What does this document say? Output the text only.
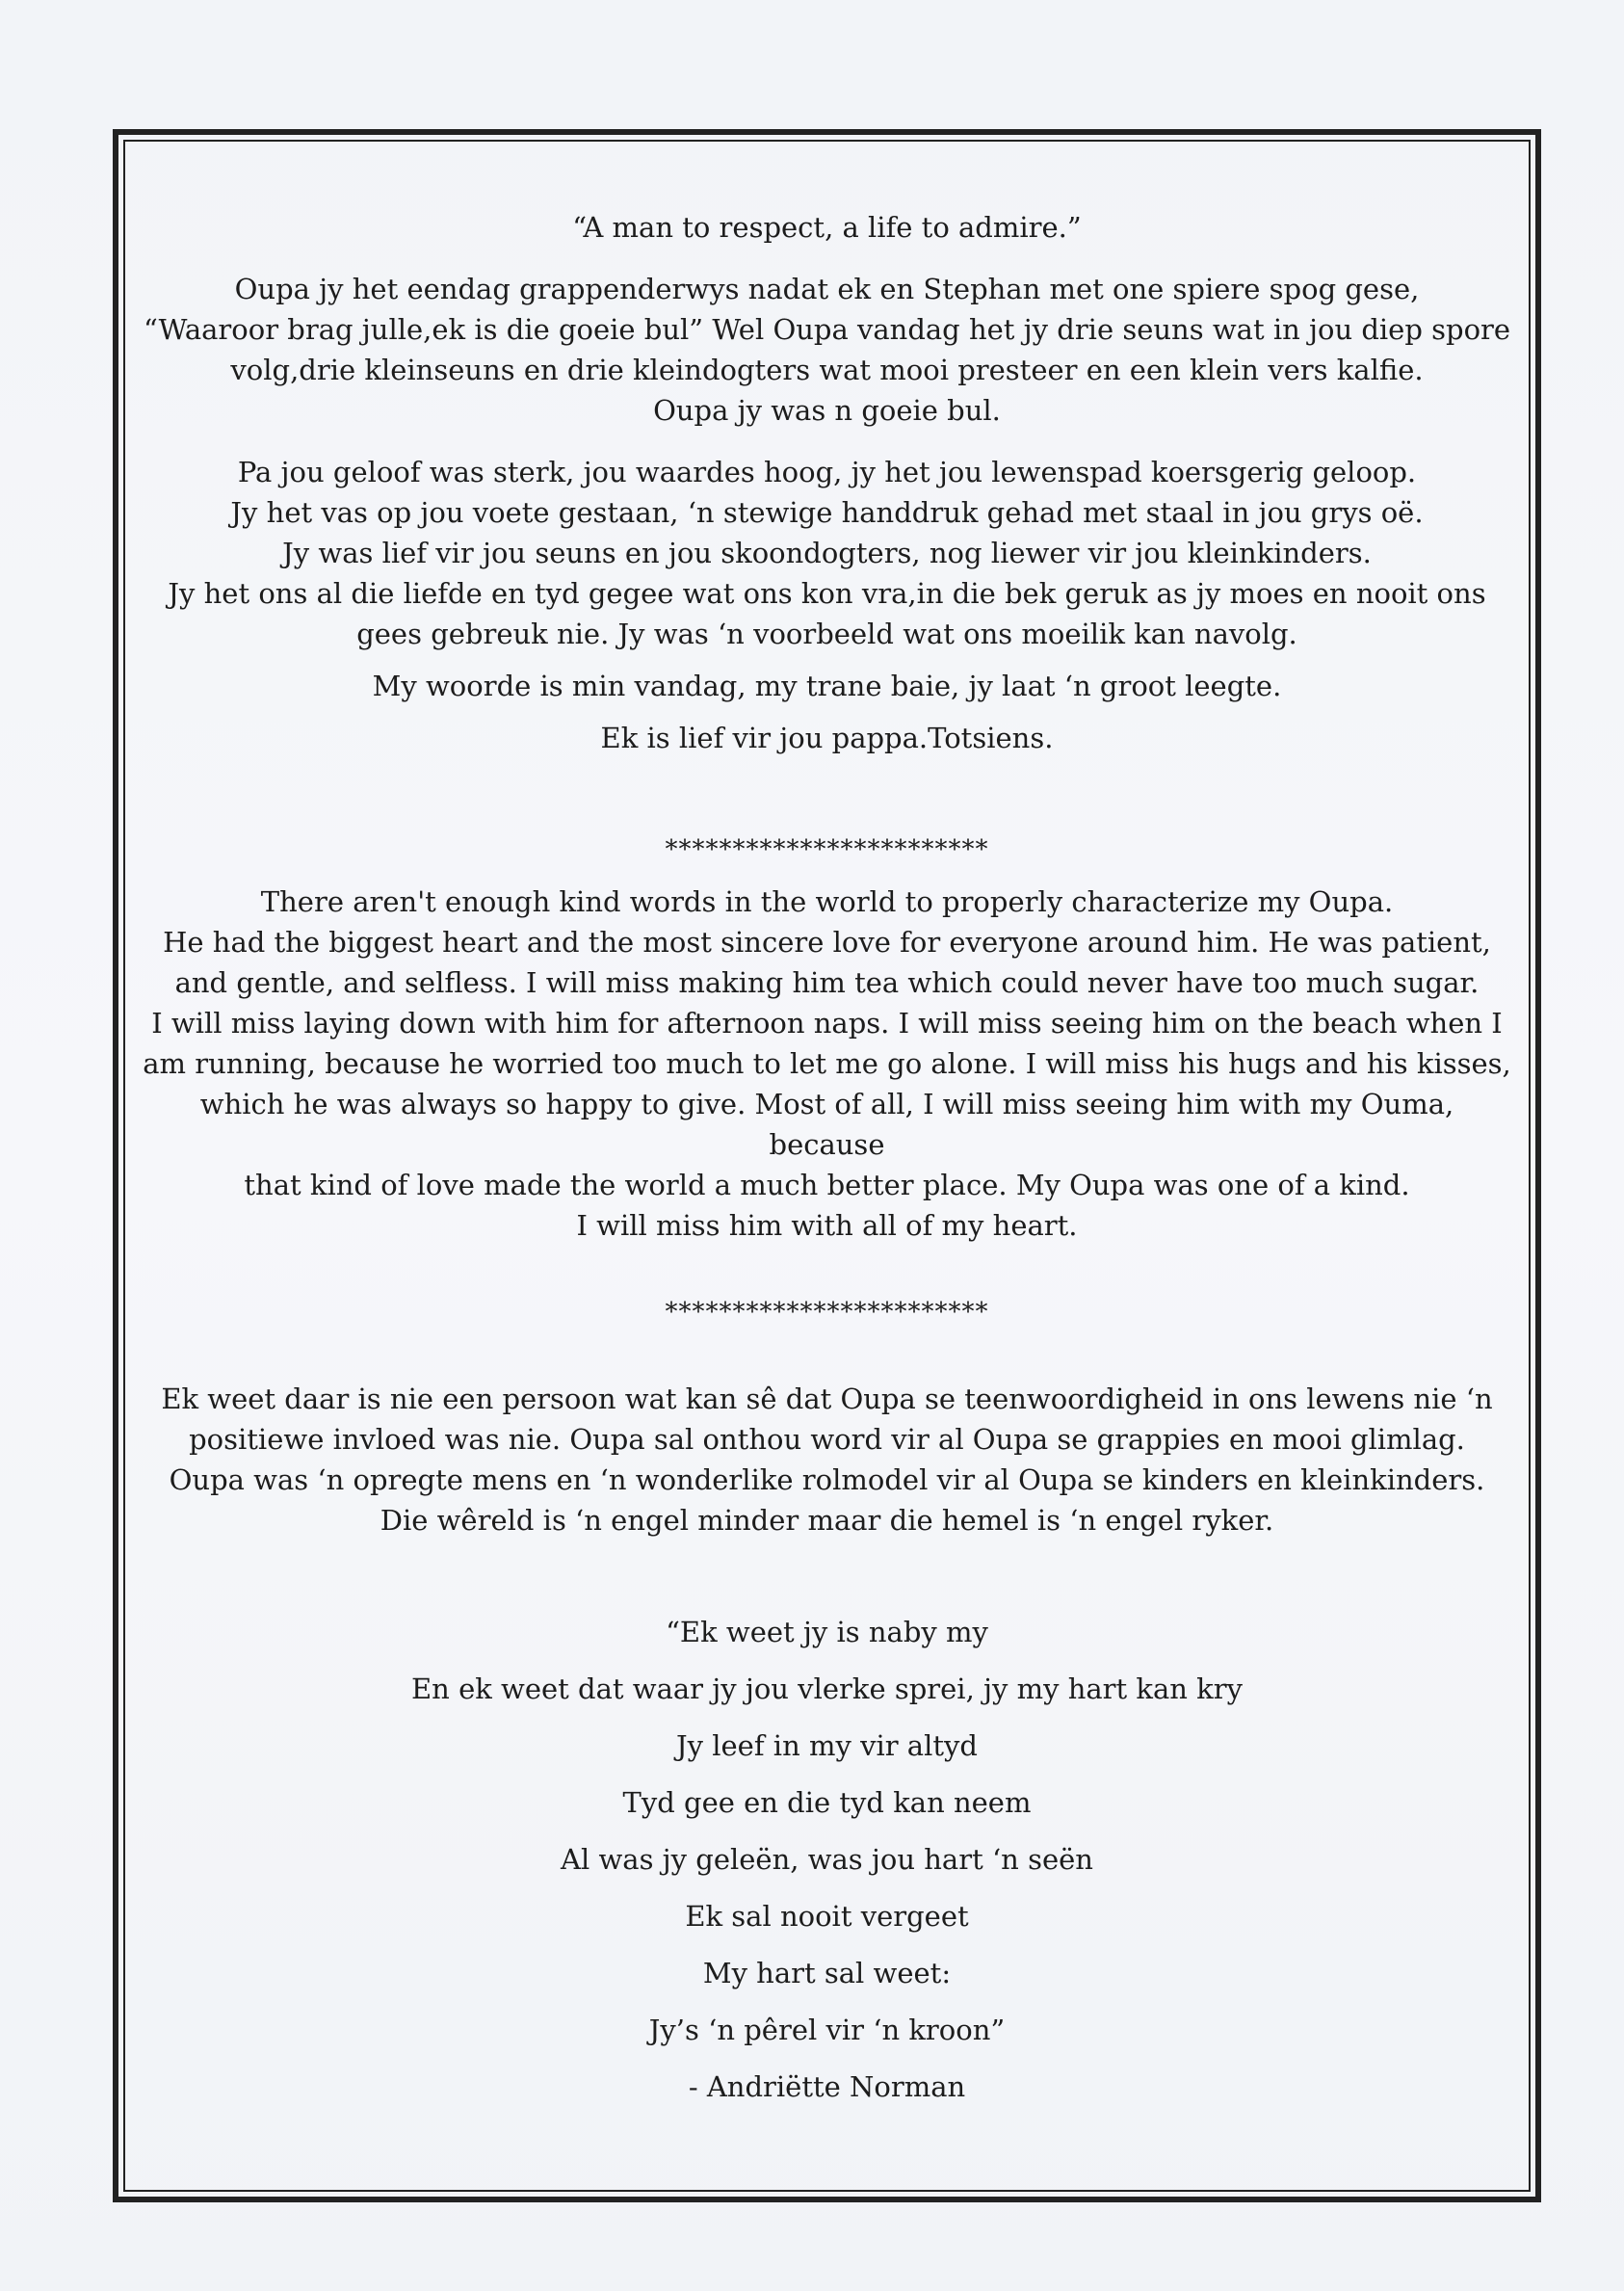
“A man to respect, a life to admire.”
Oupa jy het eendag grappenderwys nadat ek en Stephan met one spiere spog gese,
“Waaroor brag julle,ek is die goeie bul” Wel Oupa vandag het jy drie seuns wat in jou diep spore
volg,drie kleinseuns en drie kleindogters wat mooi presteer en een klein vers kalfie.
Oupa jy was n goeie bul.
Pa jou geloof was sterk, jou waardes hoog, jy het jou lewenspad koersgerig geloop.
Jy het vas op jou voete gestaan, ‘n stewige handdruk gehad met staal in jou grys oë.
Jy was lief vir jou seuns en jou skoondogters, nog liewer vir jou kleinkinders.
Jy het ons al die liefde en tyd gegee wat ons kon vra,in die bek geruk as jy moes en nooit ons
gees gebreuk nie. Jy was ‘n voorbeeld wat ons moeilik kan navolg.
My woorde is min vandag, my trane baie, jy laat ‘n groot leegte.
Ek is lief vir jou pappa.Totsiens.
************************
There aren't enough kind words in the world to properly characterize my Oupa.
He had the biggest heart and the most sincere love for everyone around him. He was patient,
and gentle, and selfless. I will miss making him tea which could never have too much sugar.
I will miss laying down with him for afternoon naps. I will miss seeing him on the beach when I
am running, because he worried too much to let me go alone. I will miss his hugs and his kisses,
which he was always so happy to give. Most of all, I will miss seeing him with my Ouma, because
that kind of love made the world a much better place. My Oupa was one of a kind.
I will miss him with all of my heart.
************************
Ek weet daar is nie een persoon wat kan sê dat Oupa se teenwoordigheid in ons lewens nie ‘n
positiewe invloed was nie. Oupa sal onthou word vir al Oupa se grappies en mooi glimlag.
Oupa was ‘n opregte mens en ‘n wonderlike rolmodel vir al Oupa se kinders en kleinkinders.
Die wêreld is ‘n engel minder maar die hemel is ‘n engel ryker.
“Ek weet jy is naby my
En ek weet dat waar jy jou vlerke sprei, jy my hart kan kry
Jy leef in my vir altyd
Tyd gee en die tyd kan neem
Al was jy geleën, was jou hart ‘n seën
Ek sal nooit vergeet
My hart sal weet:
Jy’s ‘n pêrel vir ‘n kroon”
- Andriëtte Norman
